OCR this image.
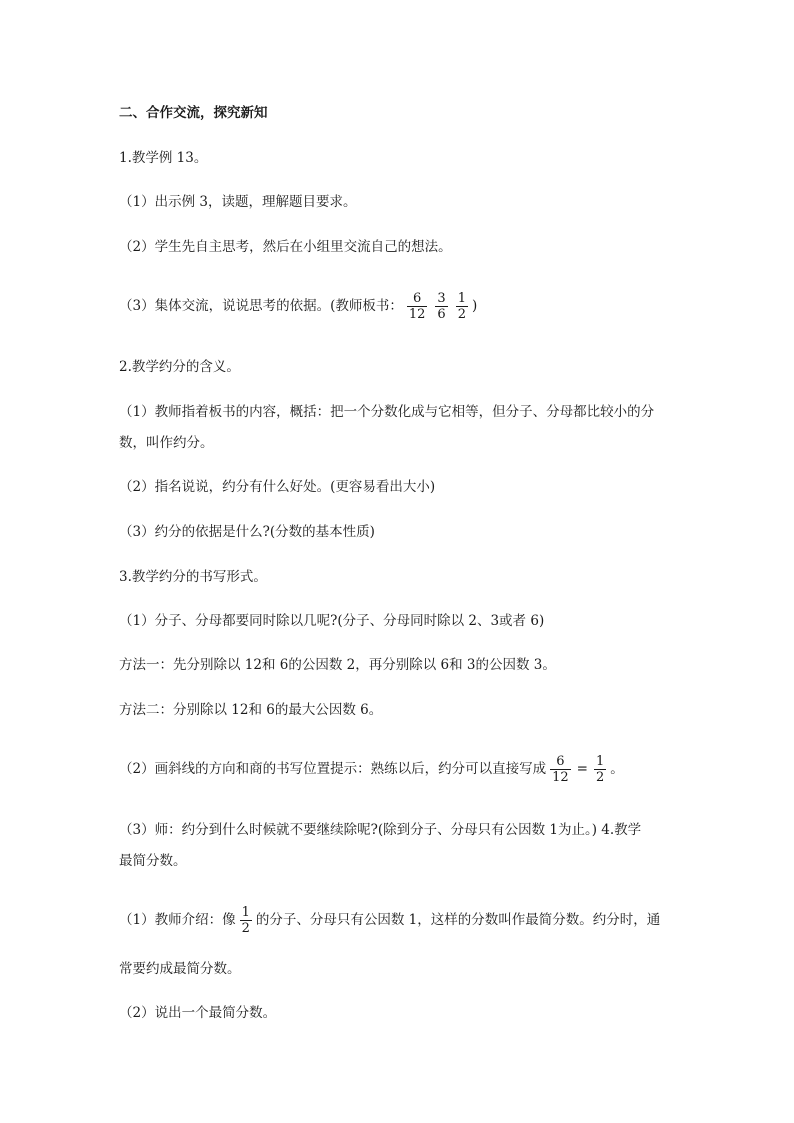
二、合作交流，探究新知
1.教学例 13。
（1）出示例 3，读题，理解题目要求。
（2）学生先自主思考，然后在小组里交流自己的想法。
（3）集体交流，说说思考的依据。(教师板书： $\frac{6}{12} \frac{3}{6} \frac{1}{2}$ )
2.教学约分的含义。
（1）教师指着板书的内容，概括：把一个分数化成与它相等，但分子、分母都比较小的分
数，叫作约分。
（2）指名说说，约分有什么好处。(更容易看出大小)
（3）约分的依据是什么?(分数的基本性质)
3.教学约分的书写形式。
（1）分子、分母都要同时除以几呢?(分子、分母同时除以 2、3或者 6)
方法一：先分别除以 12和 6的公因数 2，再分别除以 6和 3的公因数 3。
方法二：分别除以 12和 6的最大公因数 6。
（2）画斜线的方向和商的书写位置提示：熟练以后，约分可以直接写成 $\frac{6}{12} = \frac{1}{2}$ 。
（3）师：约分到什么时候就不要继续除呢?(除到分子、分母只有公因数 1为止。) 4.教学
最简分数。
（1）教师介绍：像 $\frac{1}{2}$ 的分子、分母只有公因数 1，这样的分数叫作最简分数。约分时，通
常要约成最简分数。
（2）说出一个最简分数。
